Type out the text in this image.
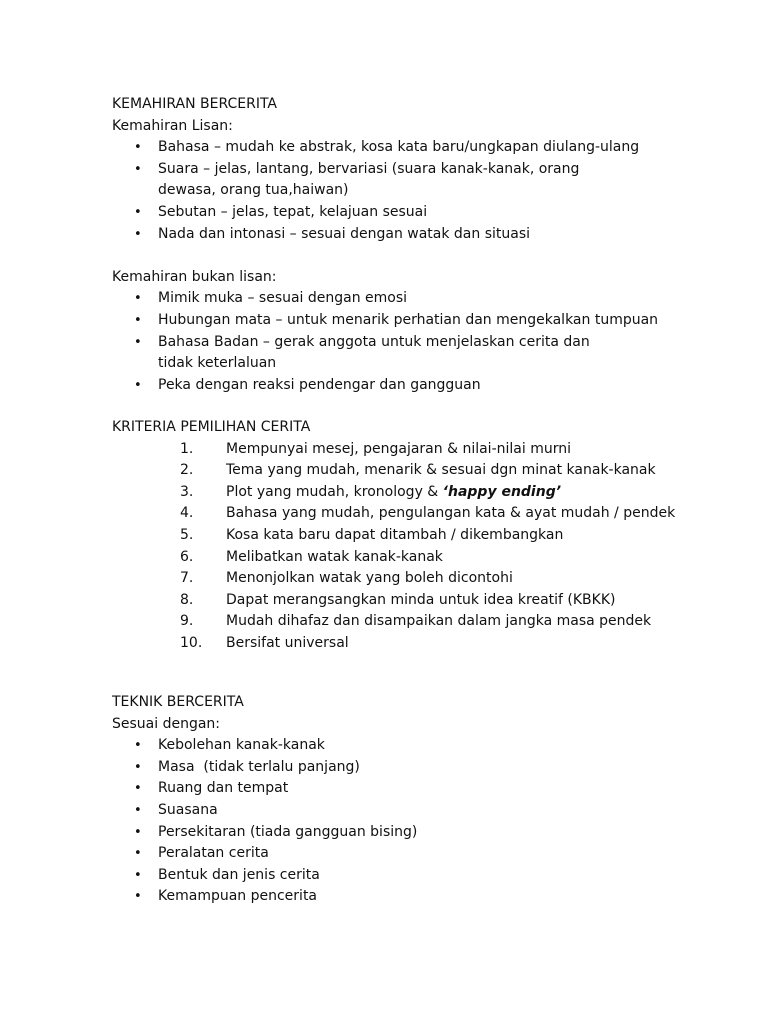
KEMAHIRAN BERCERITA
Kemahiran Lisan:
• Bahasa – mudah ke abstrak, kosa kata baru/ungkapan diulang-ulang
• Suara – jelas, lantang, bervariasi (suara kanak-kanak, orang dewasa, orang tua,haiwan)
• Sebutan – jelas, tepat, kelajuan sesuai
• Nada dan intonasi – sesuai dengan watak dan situasi
Kemahiran bukan lisan:
• Mimik muka – sesuai dengan emosi
• Hubungan mata – untuk menarik perhatian dan mengekalkan tumpuan
• Bahasa Badan – gerak anggota untuk menjelaskan cerita dan tidak keterlaluan
• Peka dengan reaksi pendengar dan gangguan
KRITERIA PEMILIHAN CERITA
1. Mempunyai mesej, pengajaran & nilai-nilai murni
2. Tema yang mudah, menarik & sesuai dgn minat kanak-kanak
3. Plot yang mudah, kronology & ‘happy ending’
4. Bahasa yang mudah, pengulangan kata & ayat mudah / pendek
5. Kosa kata baru dapat ditambah / dikembangkan
6. Melibatkan watak kanak-kanak
7. Menonjolkan watak yang boleh dicontohi
8. Dapat merangsangkan minda untuk idea kreatif (KBKK)
9. Mudah dihafaz dan disampaikan dalam jangka masa pendek
10. Bersifat universal
TEKNIK BERCERITA
Sesuai dengan:
• Kebolehan kanak-kanak
• Masa  (tidak terlalu panjang)
• Ruang dan tempat
• Suasana
• Persekitaran (tiada gangguan bising)
• Peralatan cerita
• Bentuk dan jenis cerita
• Kemampuan pencerita
